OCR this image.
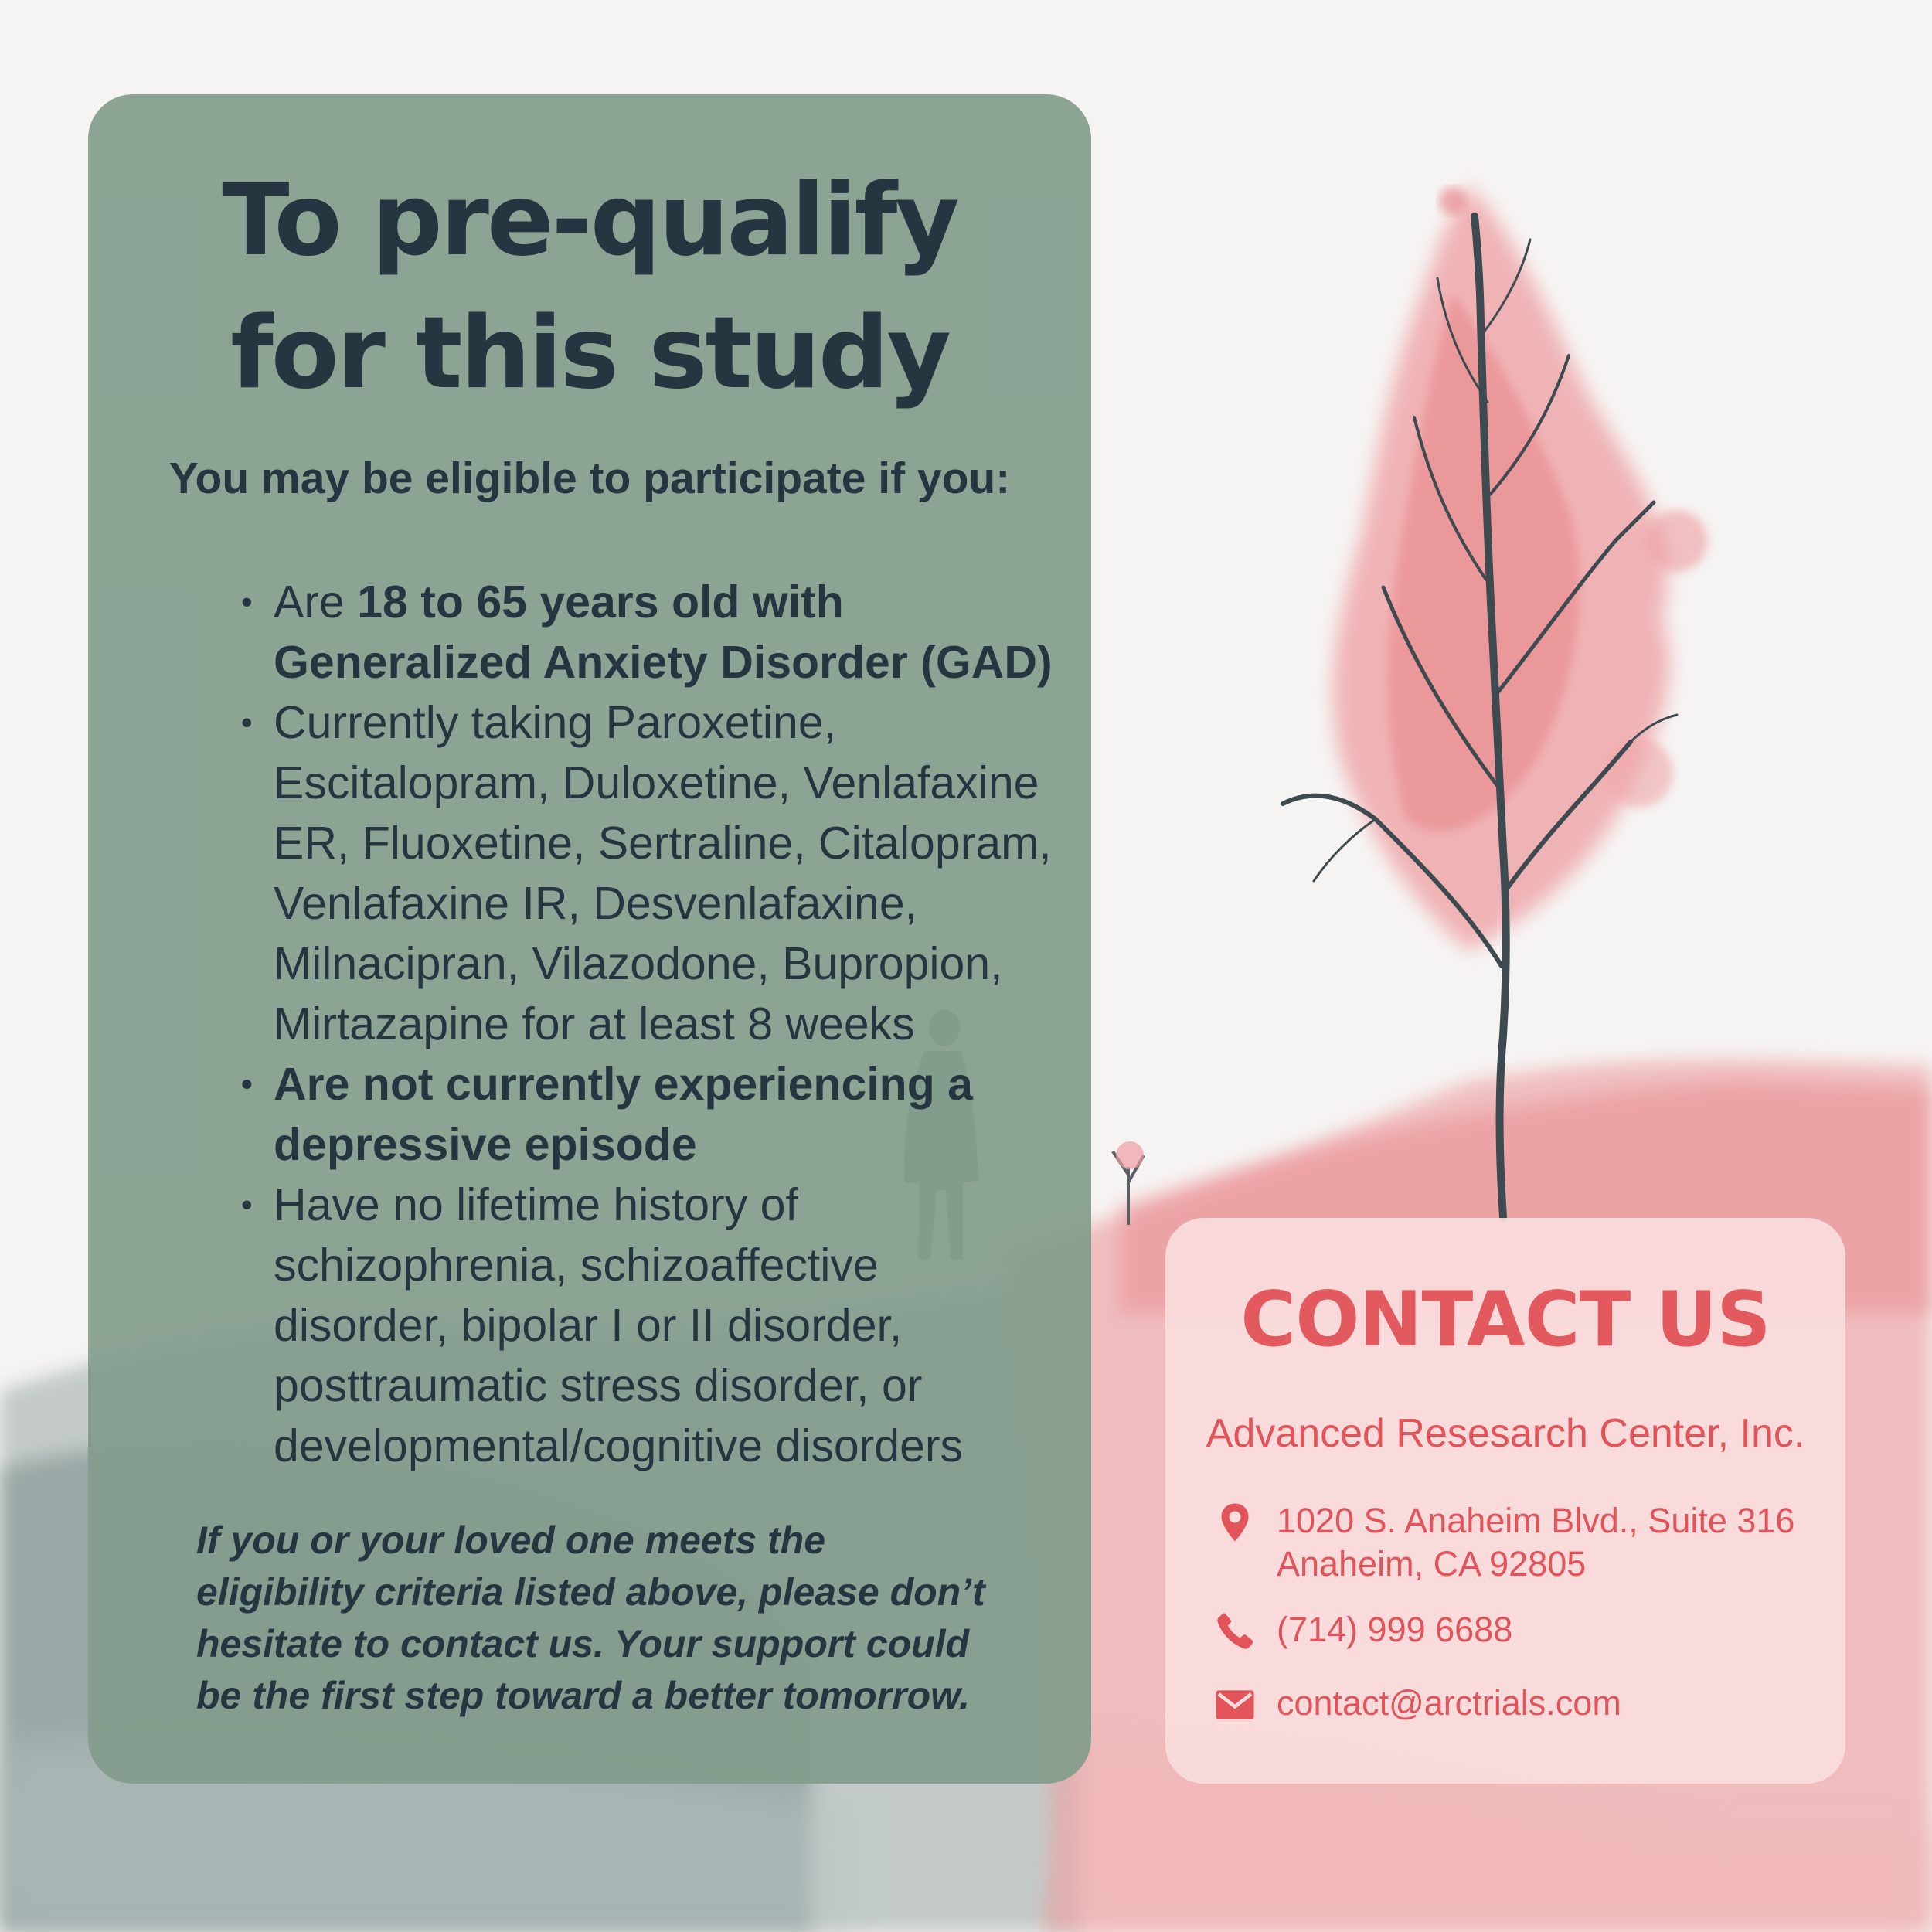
To pre-qualify
for this study
You may be eligible to participate if you:
• Are 18 to 65 years old with
Generalized Anxiety Disorder (GAD)
• Currently taking Paroxetine,
Escitalopram, Duloxetine, Venlafaxine
ER, Fluoxetine, Sertraline, Citalopram,
Venlafaxine IR, Desvenlafaxine,
Milnacipran, Vilazodone, Bupropion,
Mirtazapine for at least 8 weeks
• Are not currently experiencing a
depressive episode
• Have no lifetime history of
schizophrenia, schizoaffective
disorder, bipolar I or II disorder,
posttraumatic stress disorder, or
developmental/cognitive disorders

If you or your loved one meets the
eligibility criteria listed above, please don’t
hesitate to contact us. Your support could
be the first step toward a better tomorrow.

CONTACT US
Advanced Resesarch Center, Inc.
1020 S. Anaheim Blvd., Suite 316
Anaheim, CA 92805
(714) 999 6688
contact@arctrials.com
